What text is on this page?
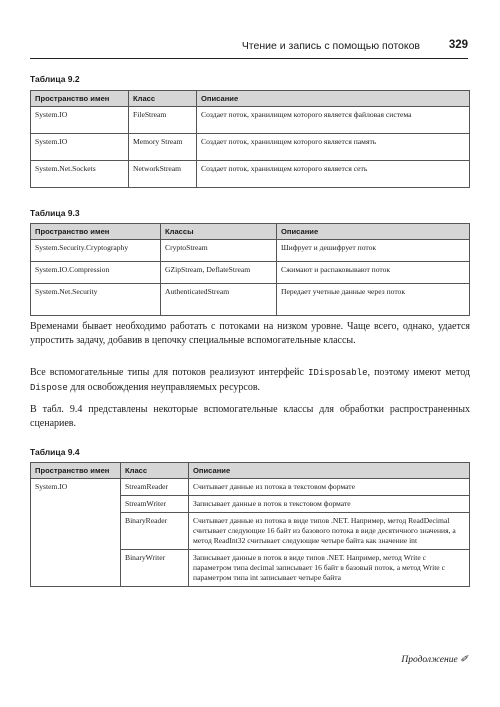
Чтение и запись с помощью потоков	329
Таблица 9.2
Пространство имен	Класс	Описание
System.IO	FileStream	Создает поток, хранилищем которого является файловая система
System.IO	Memory Stream	Создает поток, хранилищем которого является память
System.Net.Sockets	NetworkStream	Создает поток, хранилищем которого является сеть
Таблица 9.3
Пространство имен	Классы	Описание
System.Security.Cryptography	CryptoStream	Шифрует и дешифрует поток
System.IO.Compression	GZipStream, DeflateStream	Сжимают и распаковывают поток
System.Net.Security	AuthenticatedStream	Передает учетные данные через поток
Временами бывает необходимо работать с потоками на низком уровне. Чаще всего, однако, удается упростить задачу, добавив в цепочку специальные вспомогательные классы.
Все вспомогательные типы для потоков реализуют интерфейс IDisposable, поэтому имеют метод Dispose для освобождения неуправляемых ресурсов.
В табл. 9.4 представлены некоторые вспомогательные классы для обработки распространенных сценариев.
Таблица 9.4
Пространство имен	Класс	Описание
System.IO	StreamReader	Считывает данные из потока в текстовом формате
	StreamWriter	Записывает данные в поток в текстовом формате
	BinaryReader	Считывает данные из потока в виде типов .NET. Например, метод ReadDecimal считывает следующие 16 байт из базового потока в виде десятичного значения, а метод ReadInt32 считывает следующие четыре байта как значение int
	BinaryWriter	Записывает данные в поток в виде типов .NET. Например, метод Write с параметром типа decimal записывает 16 байт в базовый поток, а метод Write с параметром типа int записывает четыре байта
Продолжение ✐
